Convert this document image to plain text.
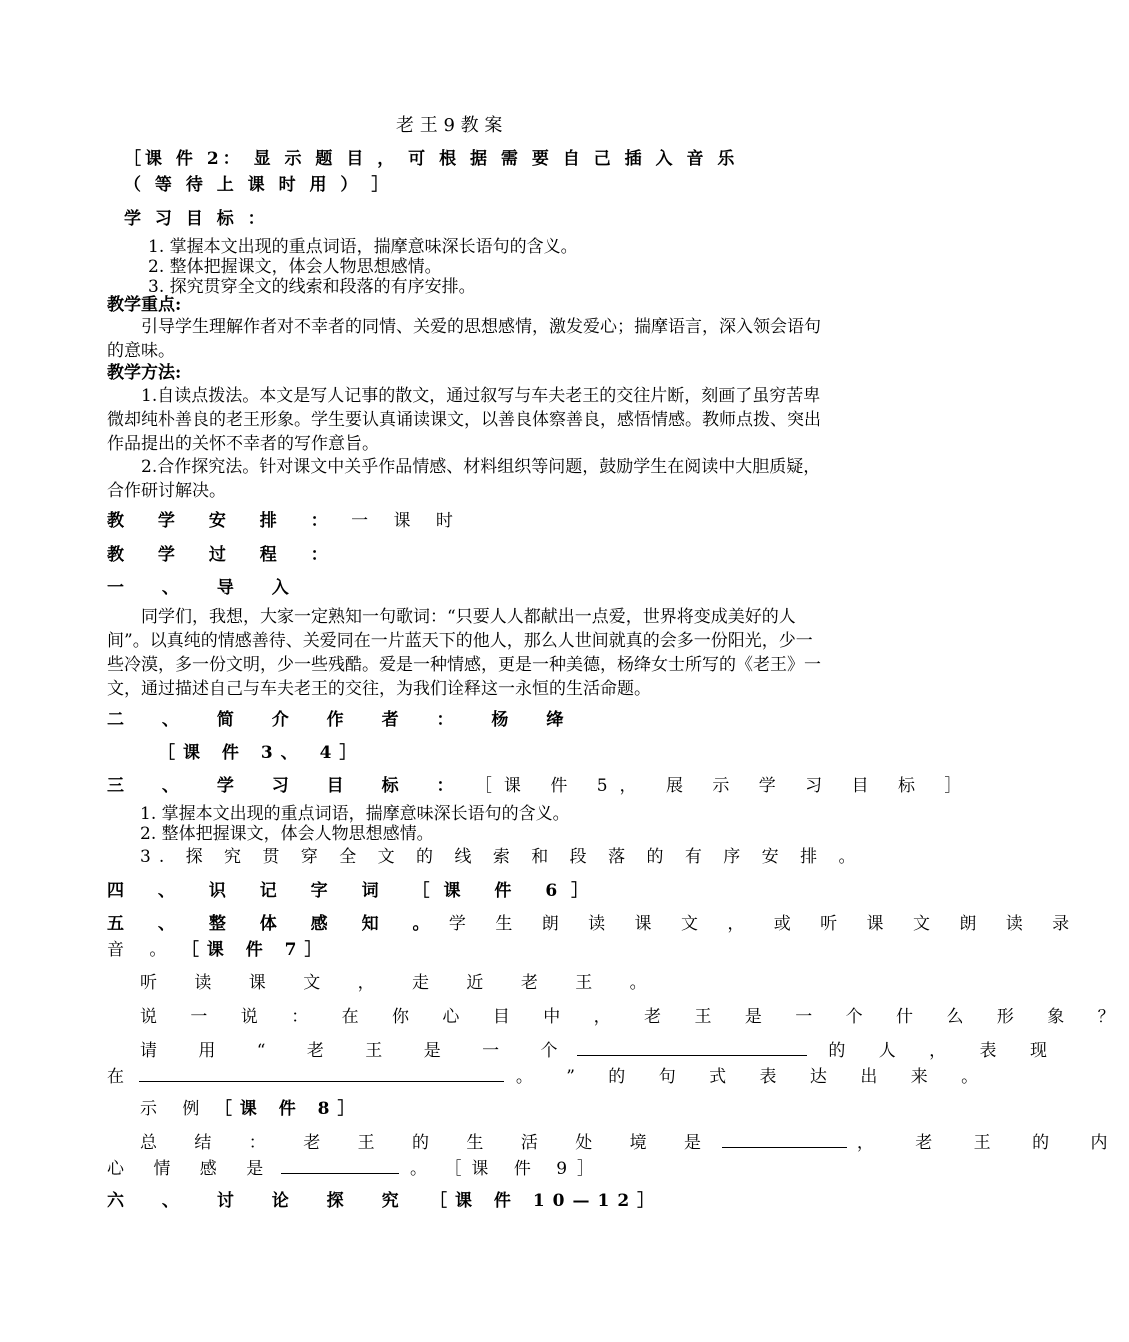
老 王 9 教 案
［课 件 2： 显 示 题 目 ， 可 根 据 需 要 自 己 插 入 音 乐
（ 等 待 上 课 时 用 ） ］
学 习 目 标 ：
1. 掌握本文出现的重点词语，揣摩意味深长语句的含义。
2. 整体把握课文，体会人物思想感情。
3. 探究贯穿全文的线索和段落的有序安排。
教学重点:
引导学生理解作者对不幸者的同情、关爱的思想感情，激发爱心；揣摩语言，深入领会语句的意味。
教学方法:
1.自读点拨法。本文是写人记事的散文，通过叙写与车夫老王的交往片断，刻画了虽穷苦卑微却纯朴善良的老王形象。学生要认真诵读课文，以善良体察善良，感悟情感。教师点拨、突出作品提出的关怀不幸者的写作意旨。
2.合作探究法。针对课文中关乎作品情感、材料组织等问题，鼓励学生在阅读中大胆质疑，合作研讨解决。
教 学 安 排 ： 一 课 时
教 学 过 程 ：
一 、 导 入
同学们，我想，大家一定熟知一句歌词：“只要人人都献出一点爱，世界将变成美好的人间”。以真纯的情感善待、关爱同在一片蓝天下的他人，那么人世间就真的会多一份阳光，少一些冷漠，多一份文明，少一些残酷。爱是一种情感，更是一种美德，杨绛女士所写的《老王》一文，通过描述自己与车夫老王的交往，为我们诠释这一永恒的生活命题。
二 、 简 介 作 者 ： 杨 绛
［课 件 3、 4］
三 、 学 习 目 标 ： ［课 件 5， 展 示 学 习 目 标 ］
1. 掌握本文出现的重点词语，揣摩意味深长语句的含义。
2. 整体把握课文，体会人物思想感情。
3. 探 究 贯 穿 全 文 的 线 索 和 段 落 的 有 序 安 排 。
四 、 识 记 字 词 ［课 件 6］
五 、 整 体 感 知 。 学 生 朗 读 课 文 ， 或 听 课 文 朗 读 录
音 。 ［课 件 7］
听 读 课 文 ， 走 近 老 王 。
说 一 说 ： 在 你 心 目 中 ， 老 王 是 一 个 什 么 形 象 ？
请 用 “ 老 王 是 一 个	的 人 ， 表 现
在	。 ” 的 句 式 表 达 出 来 。
示 例 ［课 件 8］
总 结 ： 老 王 的 生 活 处 境 是	， 老 王 的 内
心 情 感 是	。 ［课 件 9］
六 、 讨 论 探 究 ［课 件 10—12］
